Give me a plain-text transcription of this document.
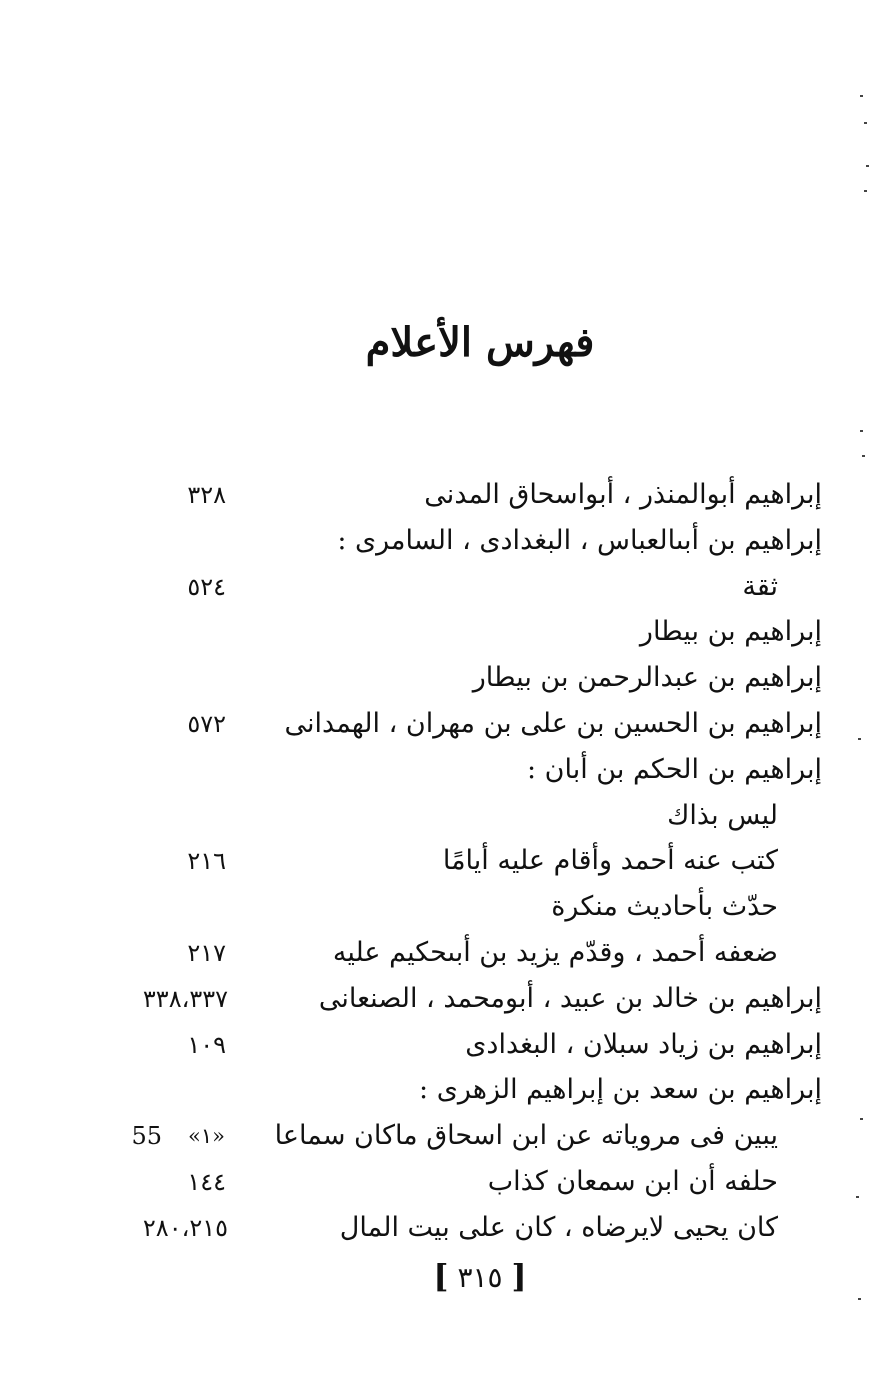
فهرس الأعلام
إبراهيم أبوالمنذر ، أبواسحاق المدنى
٣٢٨
إبراهيم بن أبىالعباس ، البغدادى ، السامرى :
ثقة
٥٢٤
إبراهيم بن بيطار
إبراهيم بن عبدالرحمن بن بيطار
إبراهيم بن الحسين بن على بن مهران ، الهمدانى
٥٧٢
إبراهيم بن الحكم بن أبان :
ليس بذاك
كتب عنه أحمد وأقام عليه أيامًا
٢١٦
حدّث بأحاديث منكرة
ضعفه أحمد ، وقدّم يزيد بن أبىحكيم عليه
٢١٧
إبراهيم بن خالد بن عبيد ، أبومحمد ، الصنعانى
٣٣٨،٣٣٧
إبراهيم بن زياد سبلان ، البغدادى
١٠٩
إبراهيم بن سعد بن إبراهيم الزهرى :
يبين فى مروياته عن ابن اسحاق ماكان سماعا
«١»
55
حلفه أن ابن سمعان كذاب
١٤٤
كان يحيى لايرضاه ، كان على بيت المال
٢٨٠،٢١٥
[ ٣١٥ ]
